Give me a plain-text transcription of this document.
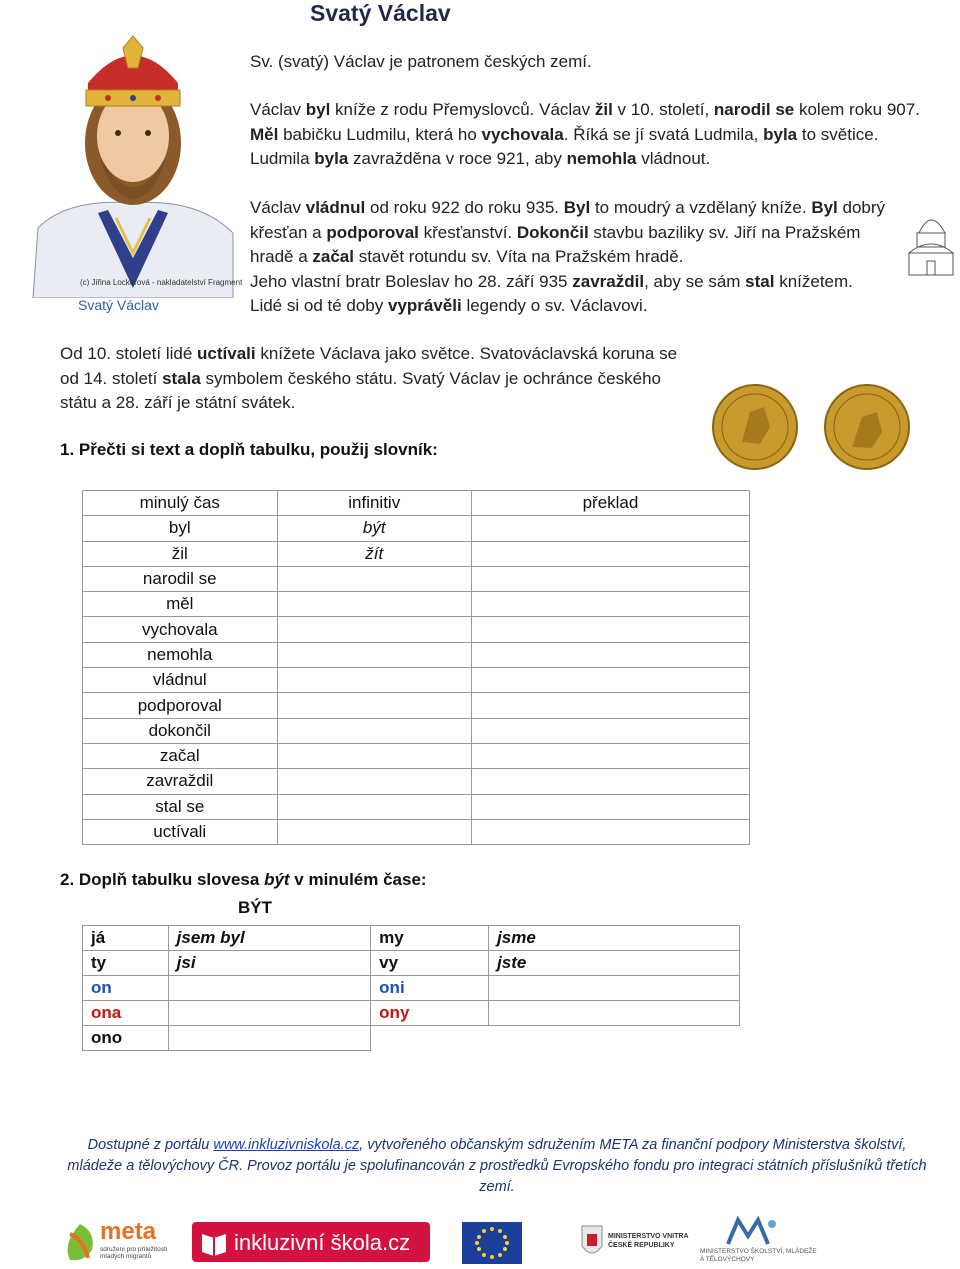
Svatý Václav
(c) Jiřina Lockerová - nakladatelství Fragment
Svatý Václav
Sv. (svatý) Václav je patronem českých zemí.
Václav byl kníže z rodu Přemyslovců. Václav žil v 10. století, narodil se kolem roku 907. Měl babičku Ludmilu, která ho vychovala. Říká se jí svatá Ludmila, byla to světice. Ludmila byla zavražděna v roce 921, aby nemohla vládnout.
Václav vládnul od roku 922 do roku 935. Byl to moudrý a vzdělaný kníže. Byl dobrý křesťan a podporoval křesťanství. Dokončil stavbu baziliky sv. Jiří na Pražském hradě a začal stavět rotundu sv. Víta na Pražském hradě.
Jeho vlastní bratr Boleslav ho 28. září 935 zavraždil, aby se sám stal knížetem.
Lidé si od té doby vyprávěli legendy o sv. Václavovi.
Od 10. století lidé uctívali knížete Václava jako světce. Svatováclavská koruna se od 14. století stala symbolem českého státu. Svatý Václav je ochránce českého státu a 28. září je státní svátek.
1. Přečti si text a doplň tabulku, použij slovník:
minulý čas	infinitiv	překlad
byl	být	
žil	žít	
narodil se		
měl		
vychovala		
nemohla		
vládnul		
podporoval		
dokončil		
začal		
zavraždil		
stal se		
uctívali		
2. Doplň tabulku slovesa být v minulém čase:
BÝT
já	jsem byl	my	jsme
ty	jsi	vy	jste
on		oni	
ona		ony	
ono			
Dostupné z portálu www.inkluzivniskola.cz, vytvořeného občanským sdružením META za finanční podpory Ministerstva školství, mládeže a tělovýchovy ČR. Provoz portálu je spolufinancován z prostředků Evropského fondu pro integraci státních příslušníků třetích zemí.
meta
sdružení pro příležitosti mladých migrantů
inkluzivní škola.cz	MINISTERSTVO VNITRA ČESKÉ REPUBLIKY
MINISTERSTVO ŠKOLSTVÍ, MLÁDEŽE A TĚLOVÝCHOVY
